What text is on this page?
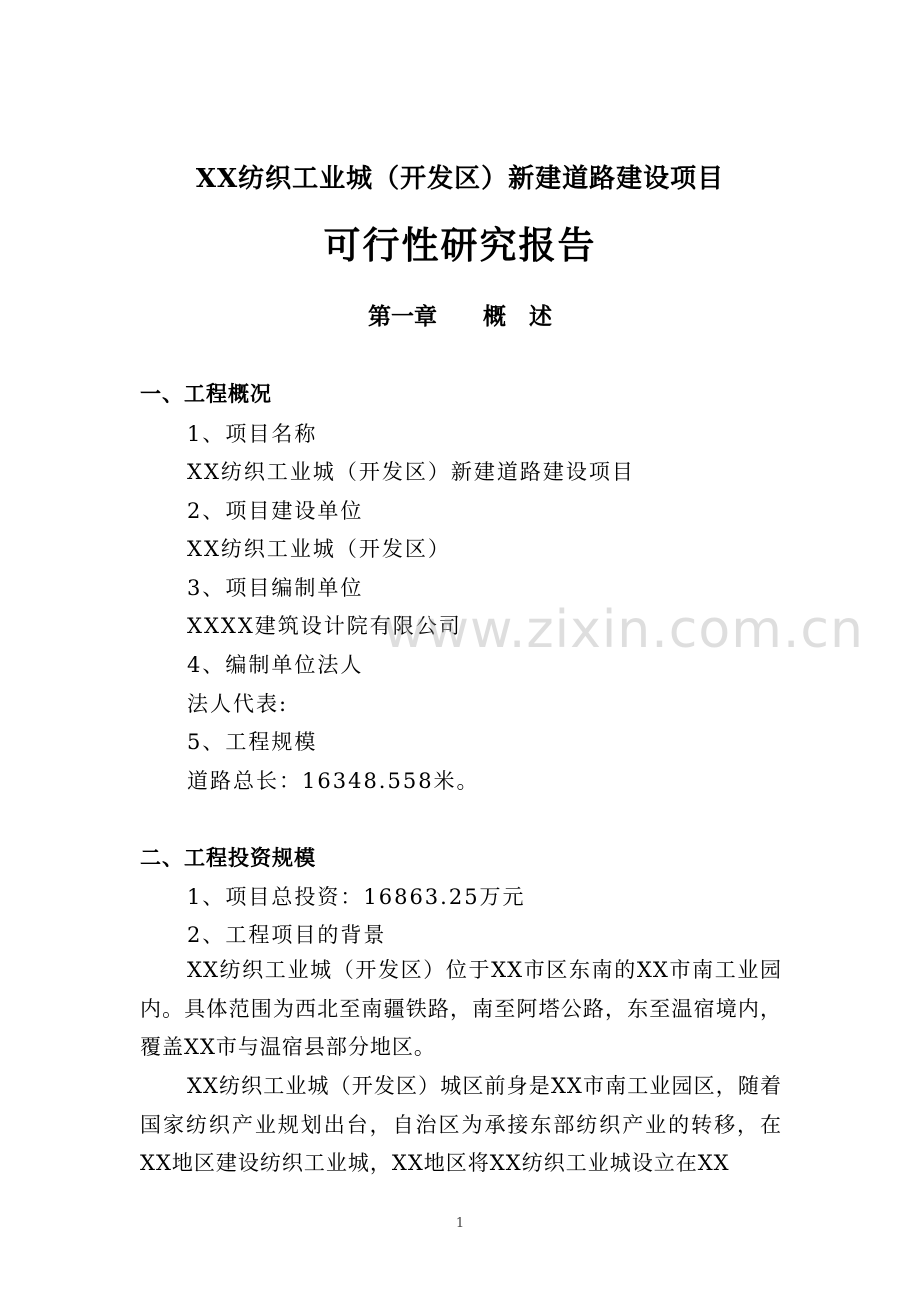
XX纺织工业城（开发区）新建道路建设项目
可行性研究报告
第一章　　概　述
一、工程概况
1、项目名称
XX纺织工业城（开发区）新建道路建设项目
2、项目建设单位
XX纺织工业城（开发区）
3、项目编制单位
XXXX建筑设计院有限公司
4、编制单位法人
法人代表:
5、工程规模
道路总长：16348.558米。
二、工程投资规模
1、项目总投资：16863.25万元
2、工程项目的背景
XX纺织工业城（开发区）位于XX市区东南的XX市南工业园内。具体范围为西北至南疆铁路，南至阿塔公路，东至温宿境内，覆盖XX市与温宿县部分地区。
XX纺织工业城（开发区）城区前身是XX市南工业园区，随着国家纺织产业规划出台，自治区为承接东部纺织产业的转移，在XX地区建设纺织工业城，XX地区将XX纺织工业城设立在XX
www.zixin.com.cn
1
